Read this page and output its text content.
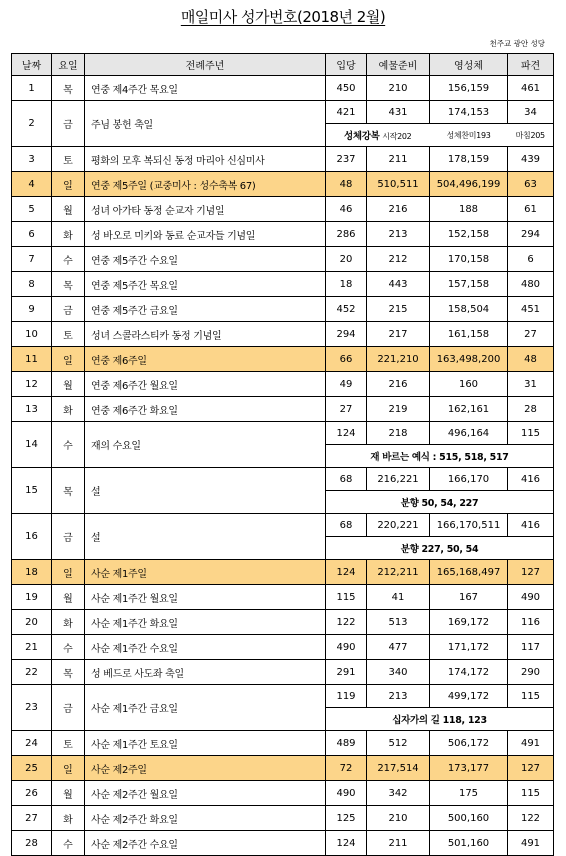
매일미사 성가번호(2018년 2월)
천주교 광안 성당
날짜	요일	전례주년	입당	예물준비	영성체	파견
1	목	연중 제4주간 목요일	450	210	156,159	461
2	금	주님 봉헌 축일	421	431	174,153	34
			성체강복 시작202		성체찬미193	마침205
3	토	평화의 모후 복되신 동정 마리아 신심미사	237	211	178,159	439
4	일	연중 제5주일 (교중미사 : 성수축복 67)	48	510,511	504,496,199	63
5	월	성녀 아가타 동정 순교자 기념일	46	216	188	61
6	화	성 바오로 미키와 동료 순교자들 기념일	286	213	152,158	294
7	수	연중 제5주간 수요일	20	212	170,158	6
8	목	연중 제5주간 목요일	18	443	157,158	480
9	금	연중 제5주간 금요일	452	215	158,504	451
10	토	성녀 스콜라스티카 동정 기념일	294	217	161,158	27
11	일	연중 제6주일	66	221,210	163,498,200	48
12	월	연중 제6주간 월요일	49	216	160	31
13	화	연중 제6주간 화요일	27	219	162,161	28
14	수	재의 수요일	124	218	496,164	115
			재 바르는 예식 : 515, 518, 517			
15	목	설	68	216,221	166,170	416
			분향 50, 54, 227			
16	금	설	68	220,221	166,170,511	416
			분향 227, 50, 54			
18	일	사순 제1주일	124	212,211	165,168,497	127
19	월	사순 제1주간 월요일	115	41	167	490
20	화	사순 제1주간 화요일	122	513	169,172	116
21	수	사순 제1주간 수요일	490	477	171,172	117
22	목	성 베드로 사도좌 축일	291	340	174,172	290
23	금	사순 제1주간 금요일	119	213	499,172	115
			십자가의 길 118, 123			
24	토	사순 제1주간 토요일	489	512	506,172	491
25	일	사순 제2주일	72	217,514	173,177	127
26	월	사순 제2주간 월요일	490	342	175	115
27	화	사순 제2주간 화요일	125	210	500,160	122
28	수	사순 제2주간 수요일	124	211	501,160	491
